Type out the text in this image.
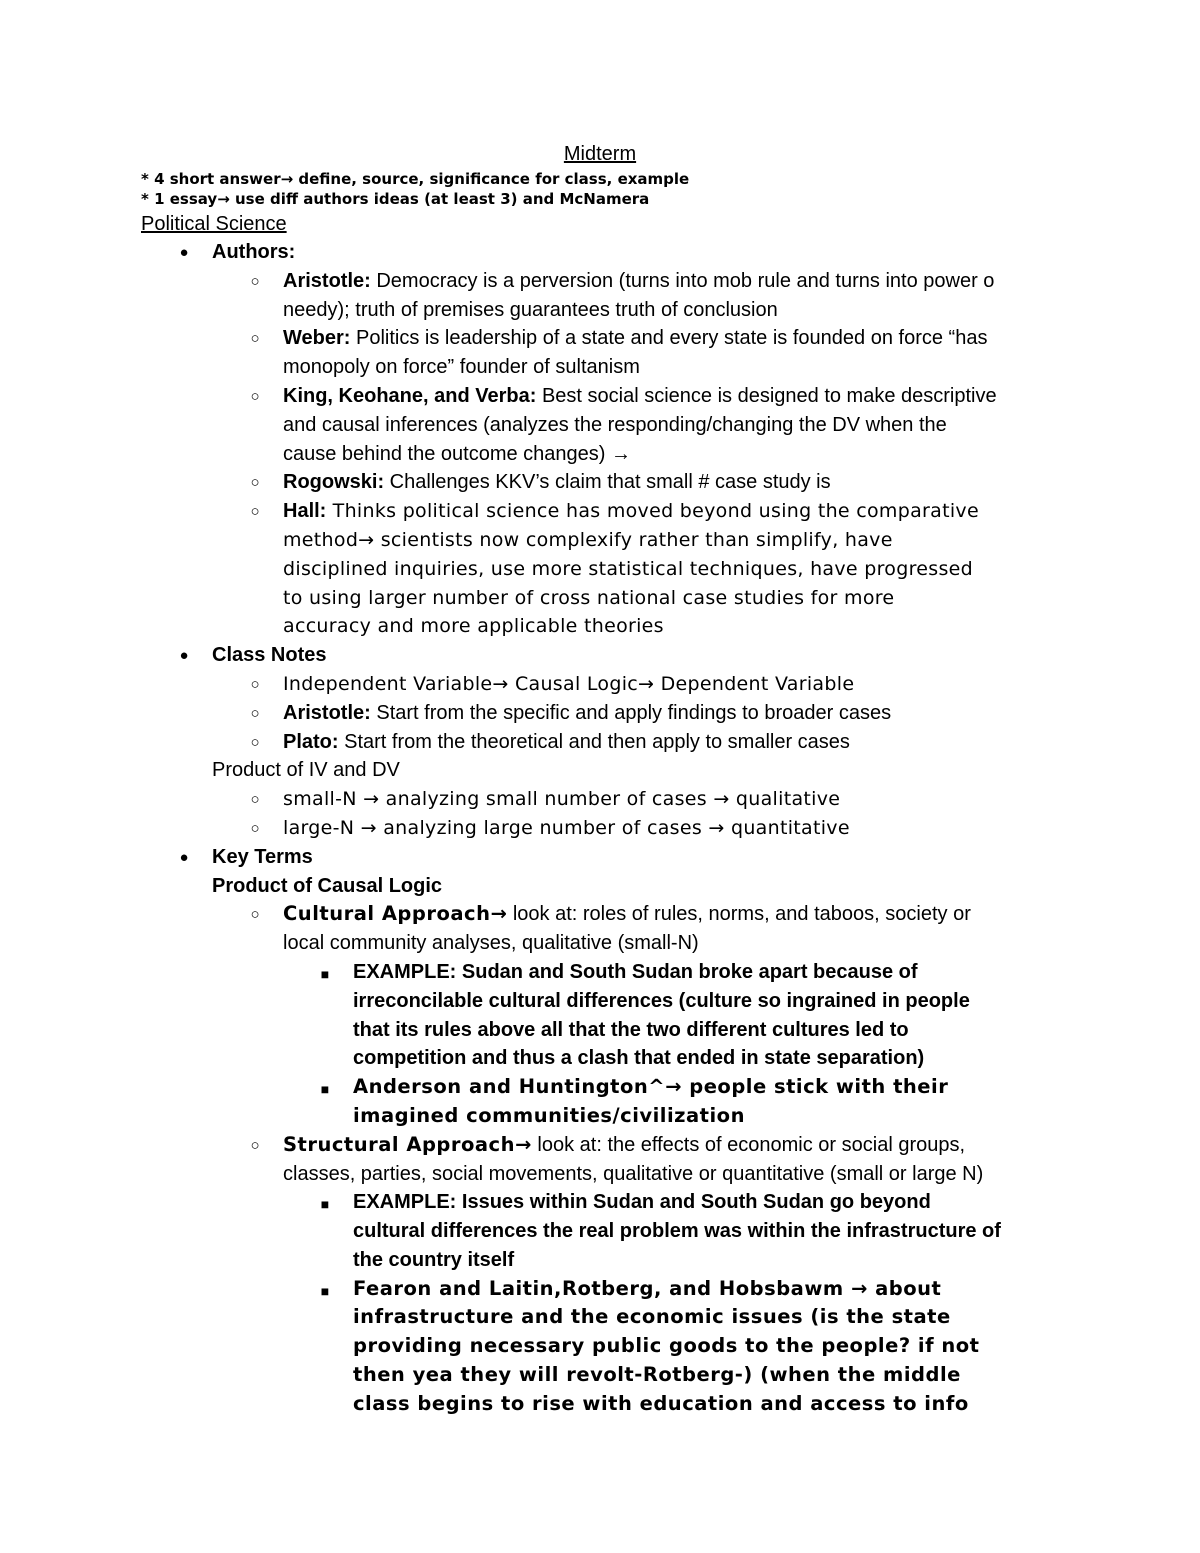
Midterm
* 4 short answer→ define, source, significance for class, example
* 1 essay→ use diff authors ideas (at least 3) and McNamera
Political Science
● Authors:
○ Aristotle: Democracy is a perversion (turns into mob rule and turns into power o
needy); truth of premises guarantees truth of conclusion
○ Weber: Politics is leadership of a state and every state is founded on force “has
monopoly on force” founder of sultanism
○ King, Keohane, and Verba: Best social science is designed to make descriptive
and causal inferences (analyzes the responding/changing the DV when the
cause behind the outcome changes) →
○ Rogowski: Challenges KKV’s claim that small # case study is
○ Hall: Thinks political science has moved beyond using the comparative
method→ scientists now complexify rather than simplify, have
disciplined inquiries, use more statistical techniques, have progressed
to using larger number of cross national case studies for more
accuracy and more applicable theories
● Class Notes
○ Independent Variable→ Causal Logic→ Dependent Variable
○ Aristotle: Start from the specific and apply findings to broader cases
○ Plato: Start from the theoretical and then apply to smaller cases
Product of IV and DV
○ small-N → analyzing small number of cases → qualitative
○ large-N → analyzing large number of cases → quantitative
● Key Terms
Product of Causal Logic
○ Cultural Approach→ look at: roles of rules, norms, and taboos, society or
local community analyses, qualitative (small-N)
■ EXAMPLE: Sudan and South Sudan broke apart because of
irreconcilable cultural differences (culture so ingrained in people
that its rules above all that the two different cultures led to
competition and thus a clash that ended in state separation)
■ Anderson and Huntington^→ people stick with their
imagined communities/civilization
○ Structural Approach→ look at: the effects of economic or social groups,
classes, parties, social movements, qualitative or quantitative (small or large N)
■ EXAMPLE: Issues within Sudan and South Sudan go beyond
cultural differences the real problem was within the infrastructure of
the country itself
■ Fearon and Laitin,Rotberg, and Hobsbawm → about
infrastructure and the economic issues (is the state
providing necessary public goods to the people? if not
then yea they will revolt-Rotberg-) (when the middle
class begins to rise with education and access to info
